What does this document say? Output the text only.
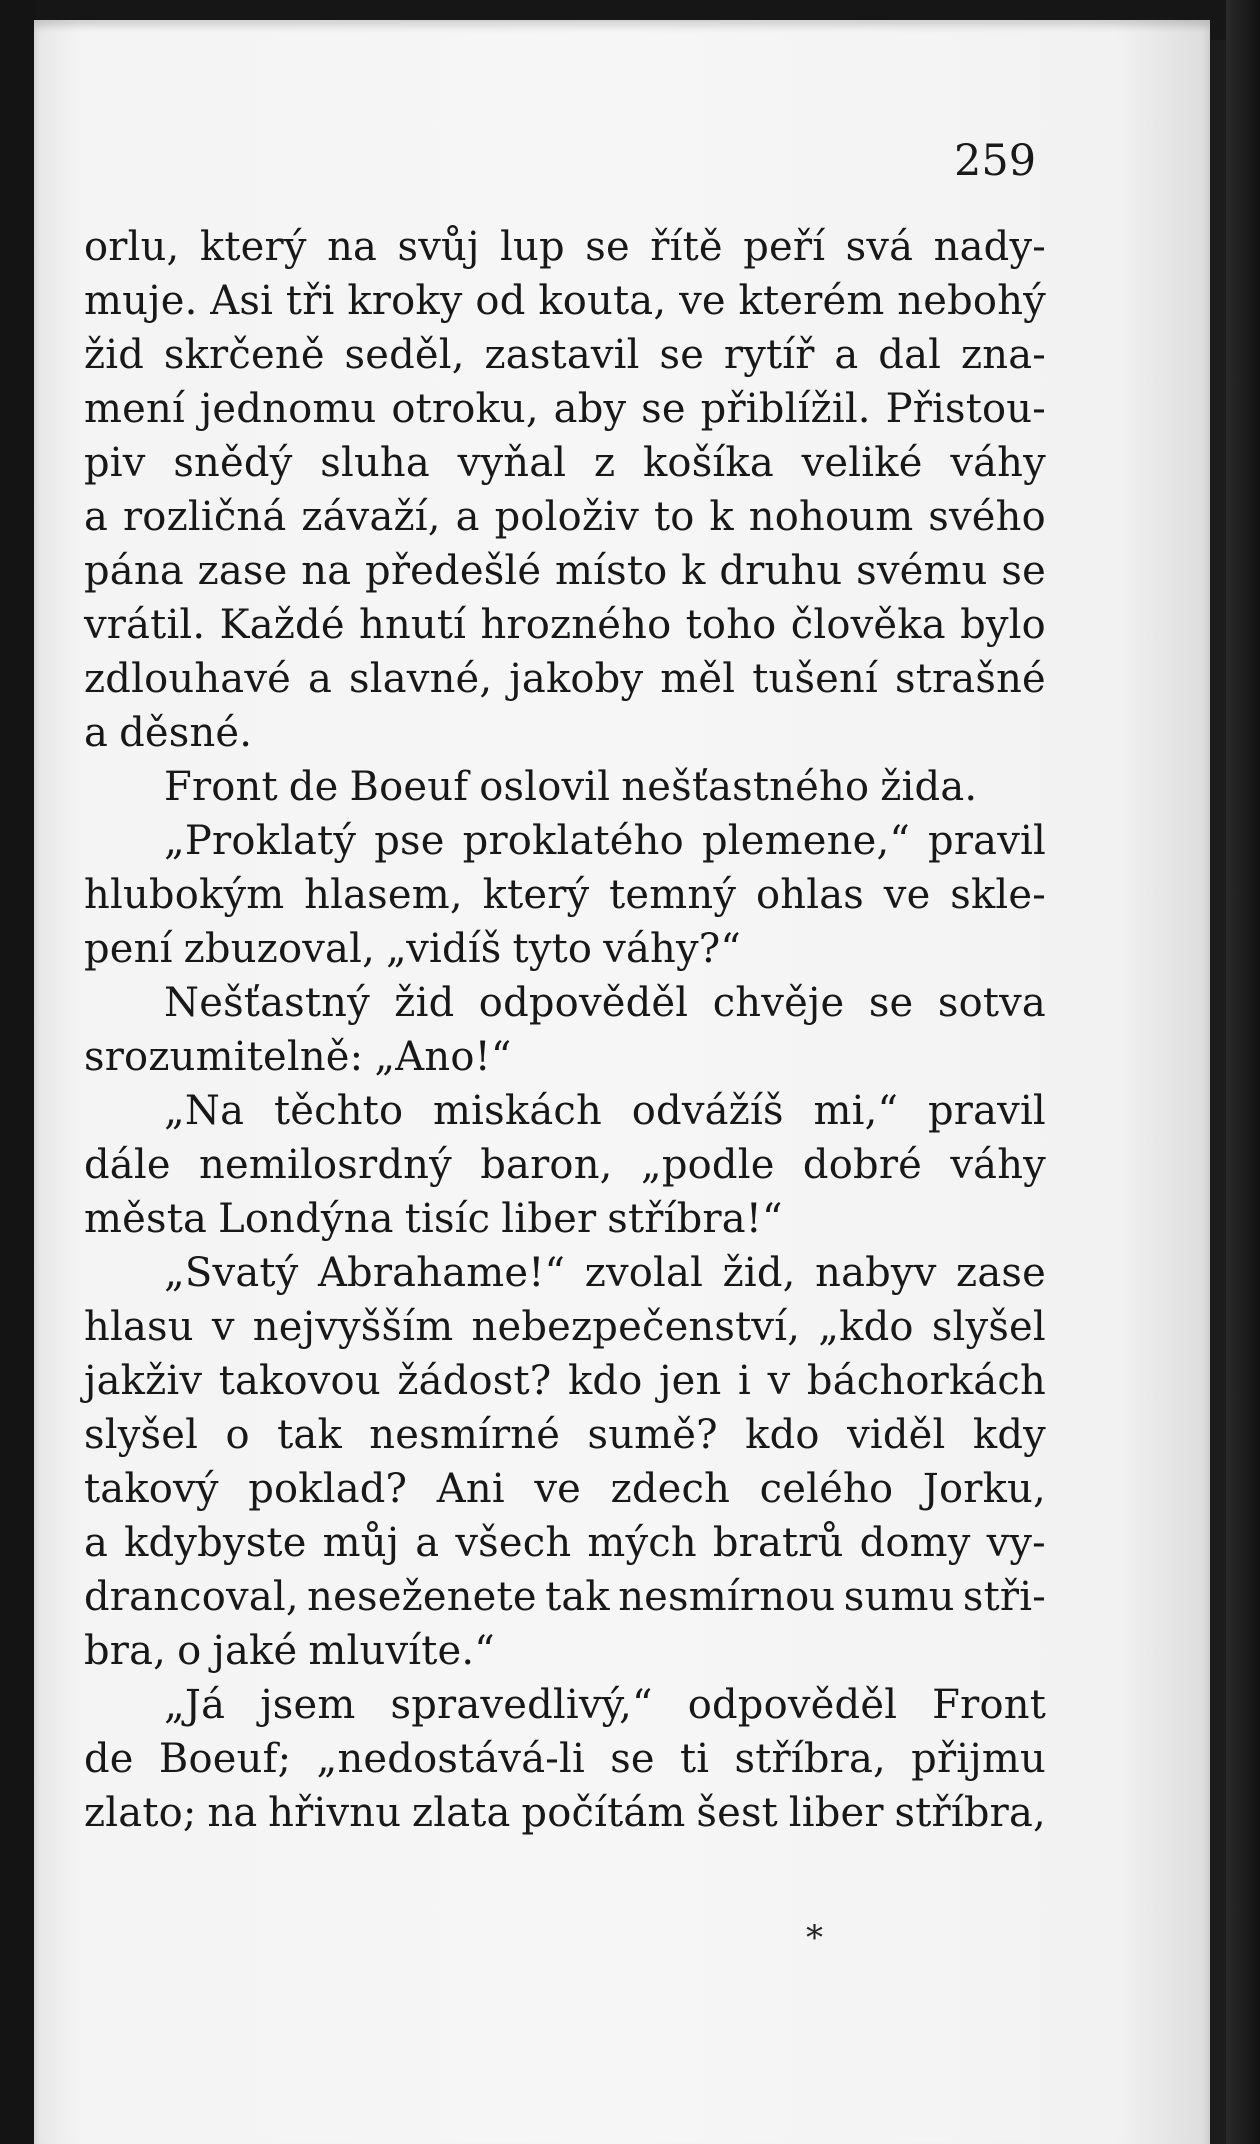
259

orlu, který na svůj lup se řítě peří svá nady-
muje. Asi tři kroky od kouta, ve kterém nebohý
žid skrčeně seděl, zastavil se rytíř a dal zna-
mení jednomu otroku, aby se přiblížil. Přistou-
piv snědý sluha vyňal z košíka veliké váhy
a rozličná závaží, a položiv to k nohoum svého
pána zase na předešlé místo k druhu svému se
vrátil. Každé hnutí hrozného toho člověka bylo
zdlouhavé a slavné, jakoby měl tušení strašné
a děsné.
Front de Boeuf oslovil nešťastného žida.
„Proklatý pse proklatého plemene,“ pravil
hlubokým hlasem, který temný ohlas ve sklе-
pení zbuzoval, „vidíš tyto váhy?“
Nešťastný žid odpověděl chvěje se sotva
srozumitelně: „Ano!“
„Na těchto miskách odvážíš mi,“ pravil
dále nemilosrdný baron, „podle dobré váhy
města Londýna tisíc liber stříbra!“
„Svatý Abrahame!“ zvolal žid, nabyv zase
hlasu v nejvyšším nebezpečenství, „kdo slyšel
jakživ takovou žádost? kdo jen i v báchorkách
slyšel o tak nesmírné sumě? kdo viděl kdy
takový poklad? Ani ve zdech celého Jorku,
a kdybyste můj a všech mých bratrů domy vy-
drancoval, neseženete tak nesmírnou sumu stři-
bra, o jaké mluvíte.“
„Já jsem spravedlivý,“ odpověděl Front
de Boeuf; „nedostává-li se ti stříbra, přijmu
zlato; na hřivnu zlata počítám šest liber stříbra,

*
